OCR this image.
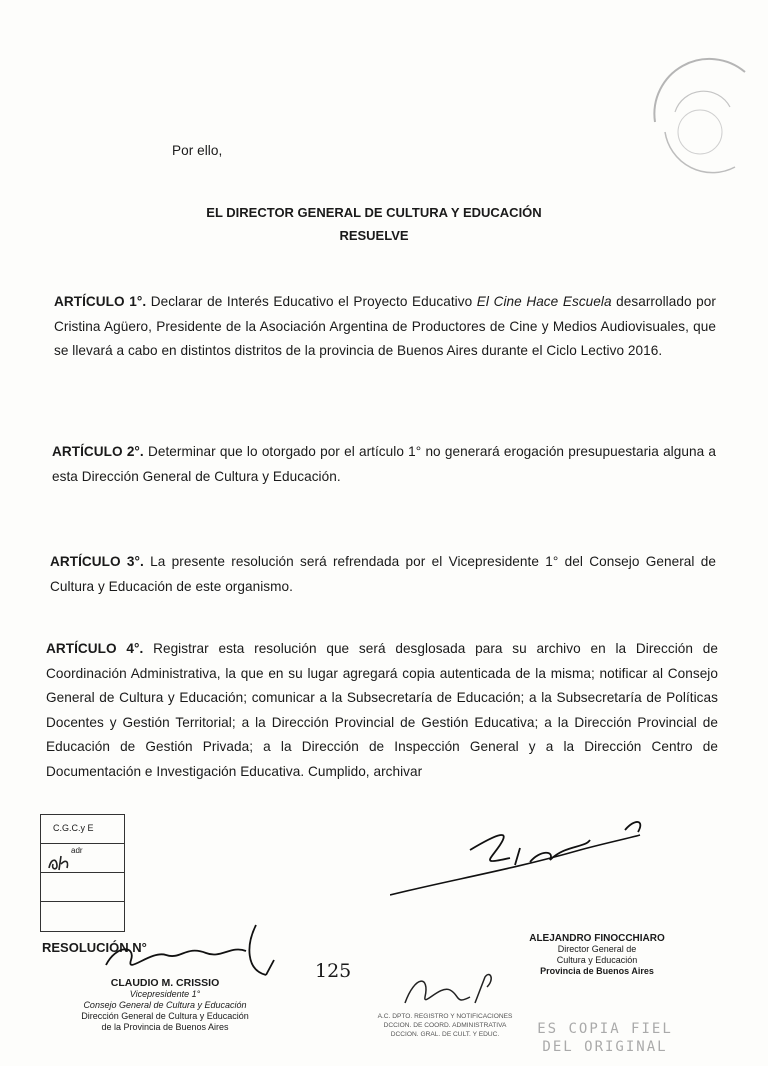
Por ello,
EL DIRECTOR GENERAL DE CULTURA Y EDUCACIÓN
RESUELVE
ARTÍCULO 1°. Declarar de Interés Educativo el Proyecto Educativo El Cine Hace Escuela desarrollado por Cristina Agüero, Presidente de la Asociación Argentina de Productores de Cine y Medios Audiovisuales, que se llevará a cabo en distintos distritos de la provincia de Buenos Aires durante el Ciclo Lectivo 2016.
ARTÍCULO 2°. Determinar que lo otorgado por el artículo 1° no generará erogación presupuestaria alguna a esta Dirección General de Cultura y Educación.
ARTÍCULO 3°. La presente resolución será refrendada por el Vicepresidente 1° del Consejo General de Cultura y Educación de este organismo.
ARTÍCULO 4°. Registrar esta resolución que será desglosada para su archivo en la Dirección de Coordinación Administrativa, la que en su lugar agregará copia autenticada de la misma; notificar al Consejo General de Cultura y Educación; comunicar a la Subsecretaría de Educación; a la Subsecretaría de Políticas Docentes y Gestión Territorial; a la Dirección Provincial de Gestión Educativa; a la Dirección Provincial de Educación de Gestión Privada; a la Dirección de Inspección General y a la Dirección Centro de Documentación e Investigación Educativa. Cumplido, archivar
C.G.C.y E
adr
RESOLUCIÓN N°
125
CLAUDIO M. CRISSIO
Vicepresidente 1°
Consejo General de Cultura y Educación
Dirección General de Cultura y Educación
de la Provincia de Buenos Aires
A.C. DPTO. REGISTRO Y NOTIFICACIONES
DCCION. DE COORD. ADMINISTRATIVA
DCCION. GRAL. DE CULT. Y EDUC.
ALEJANDRO FINOCCHIARO
Director General de
Cultura y Educación
Provincia de Buenos Aires
ES COPIA FIEL
DEL ORIGINAL
